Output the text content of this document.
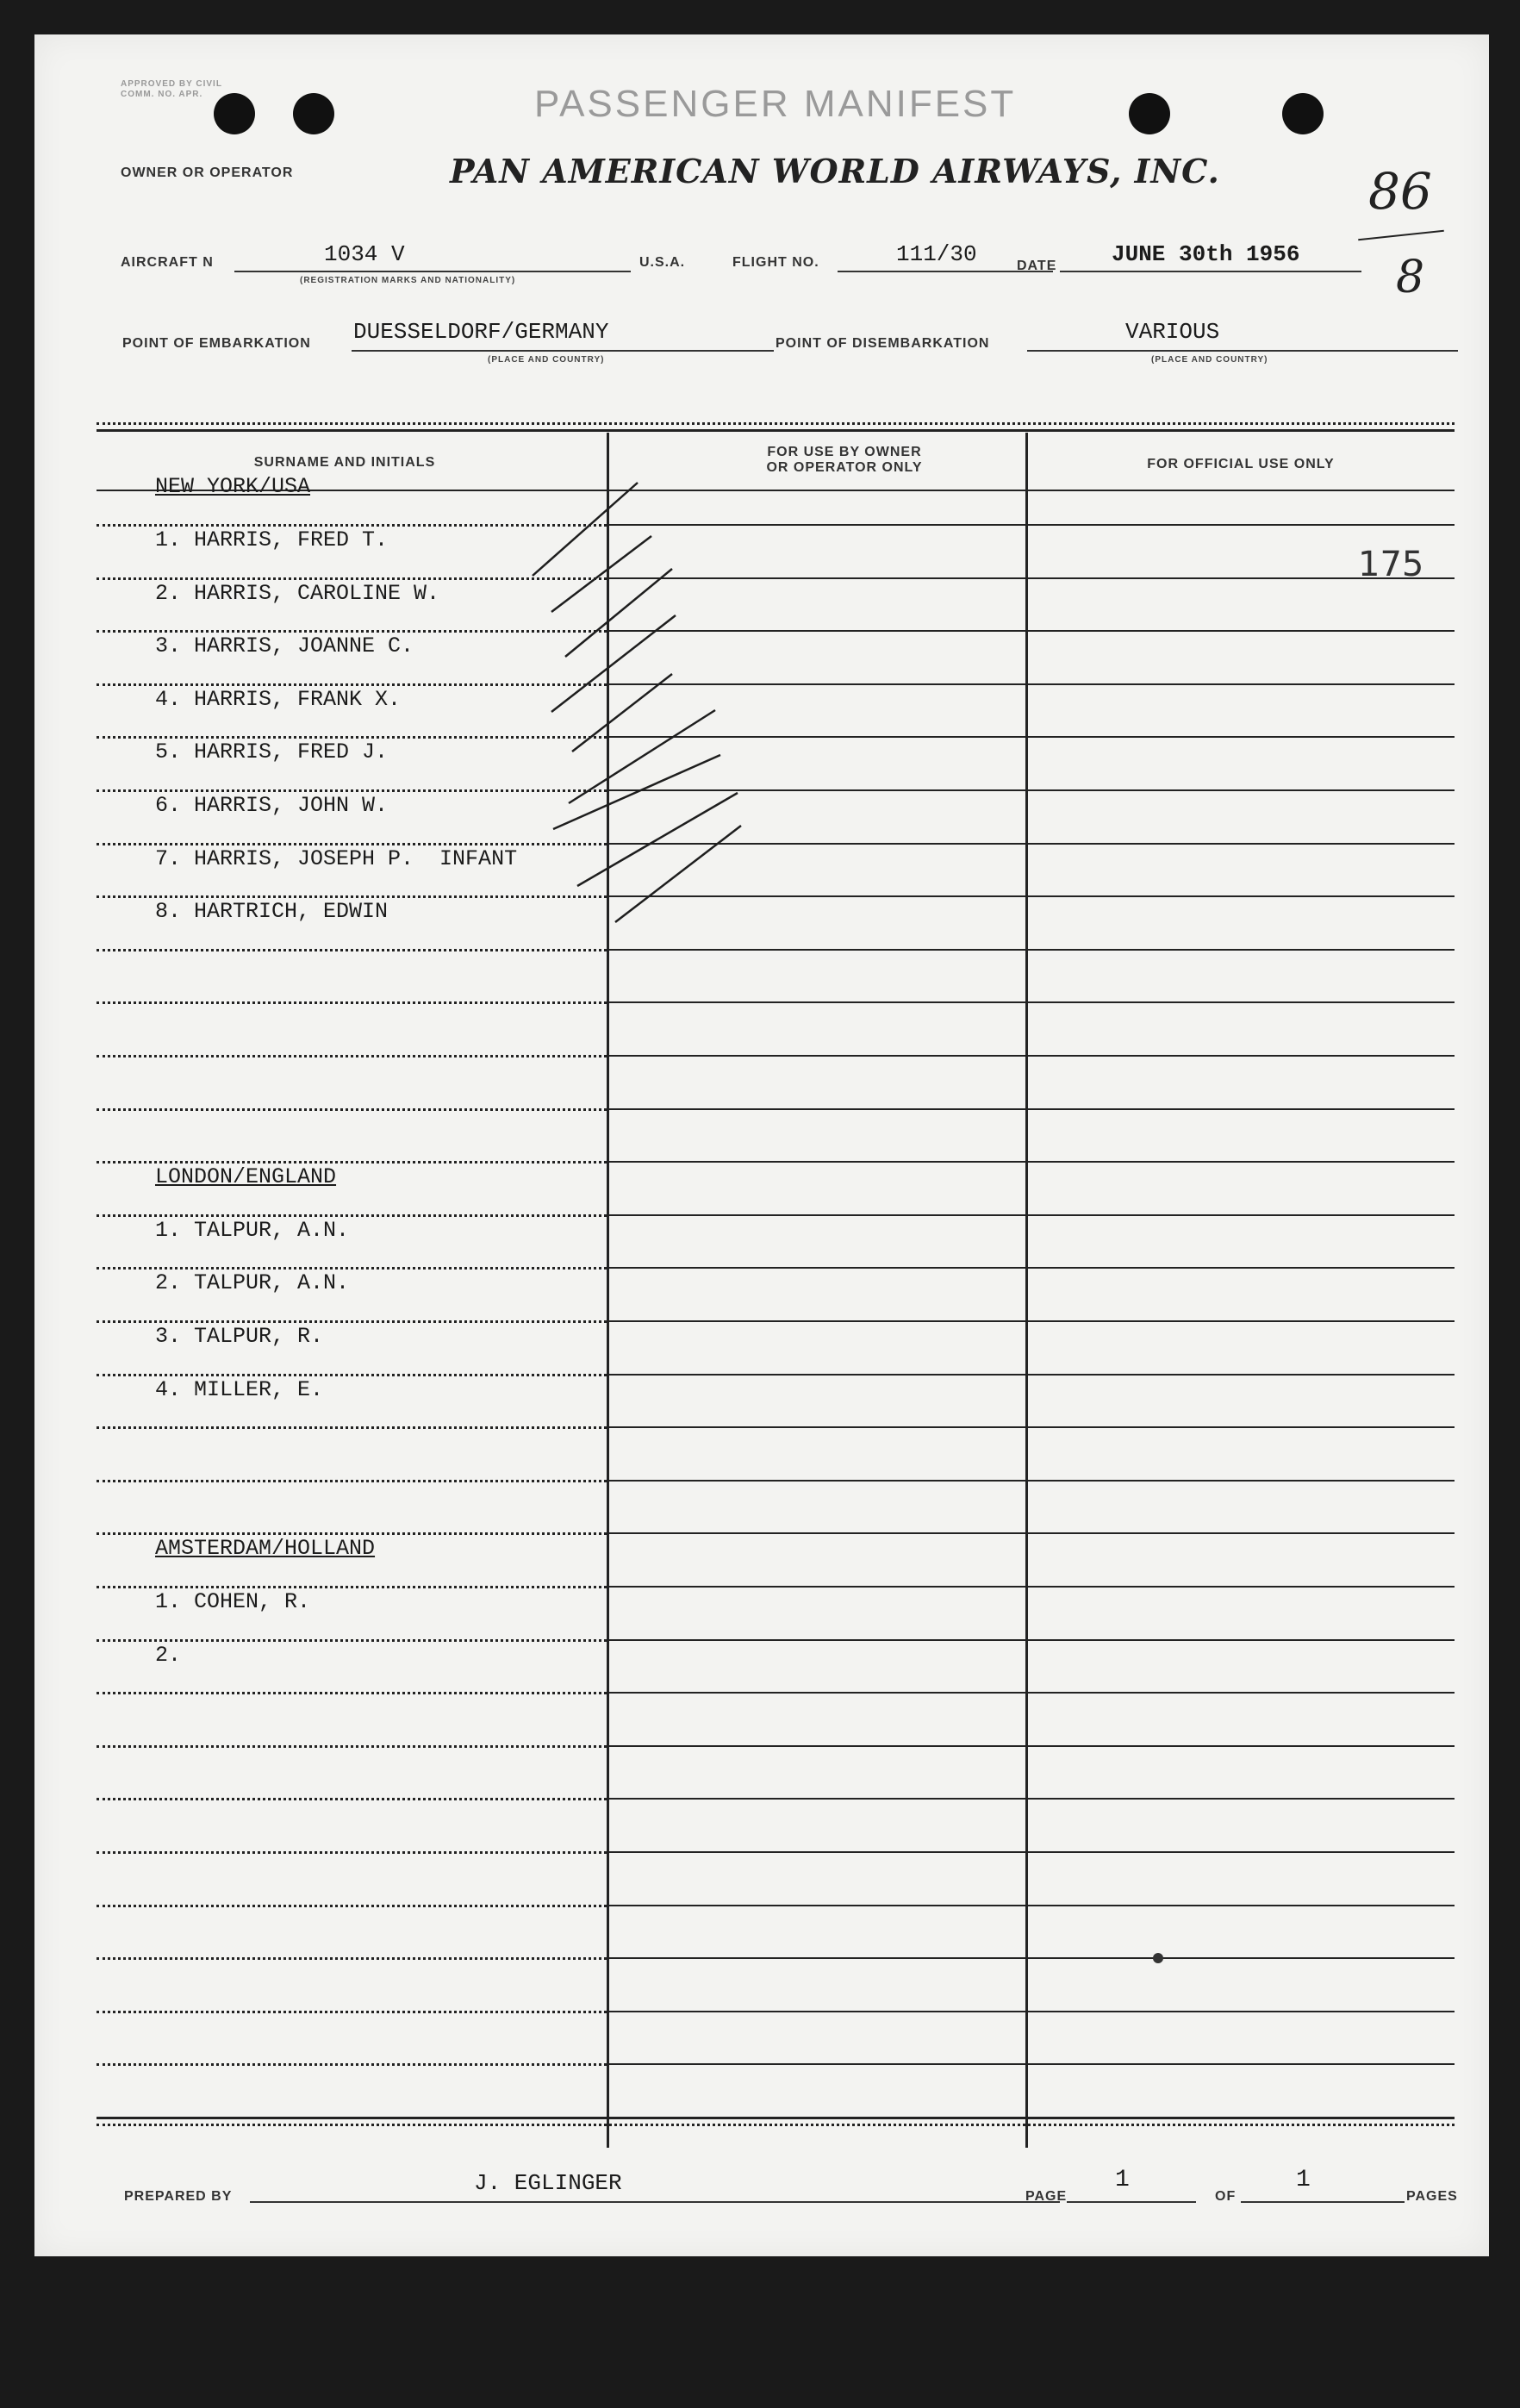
APPROVED BY CIVIL COMM. NO. APR.	PASSENGER MANIFEST
OWNER OR OPERATOR	PAN AMERICAN WORLD AIRWAYS, INC.	86
8
AIRCRAFT N	1034 V
(REGISTRATION MARKS AND NATIONALITY)
U.S.A.	FLIGHT NO.	111/30	DATE JUNE 30th 1956
POINT OF EMBARKATION DUESSELDORF/GERMANY
(PLACE AND COUNTRY)
POINT OF DISEMBARKATION	VARIOUS
(PLACE AND COUNTRY)
SURNAME AND INITIALS
FOR USE BY OWNER
OR OPERATOR ONLY	FOR OFFICIAL USE ONLY
NEW YORK/USA
1. HARRIS, FRED T.
2. HARRIS, CAROLINE W.
3. HARRIS, JOANNE C.
4. HARRIS, FRANK X.
5. HARRIS, FRED J.
6. HARRIS, JOHN W.
7. HARRIS, JOSEPH P.  INFANT
8. HARTRICH, EDWIN
LONDON/ENGLAND
1. TALPUR, A.N.
2. TALPUR, A.N.
3. TALPUR, R.
4. MILLER, E.
AMSTERDAM/HOLLAND
1. COHEN, R.
2.
175
PREPARED BY
J. EGLINGER
PAGE
1
OF
1
PAGES
